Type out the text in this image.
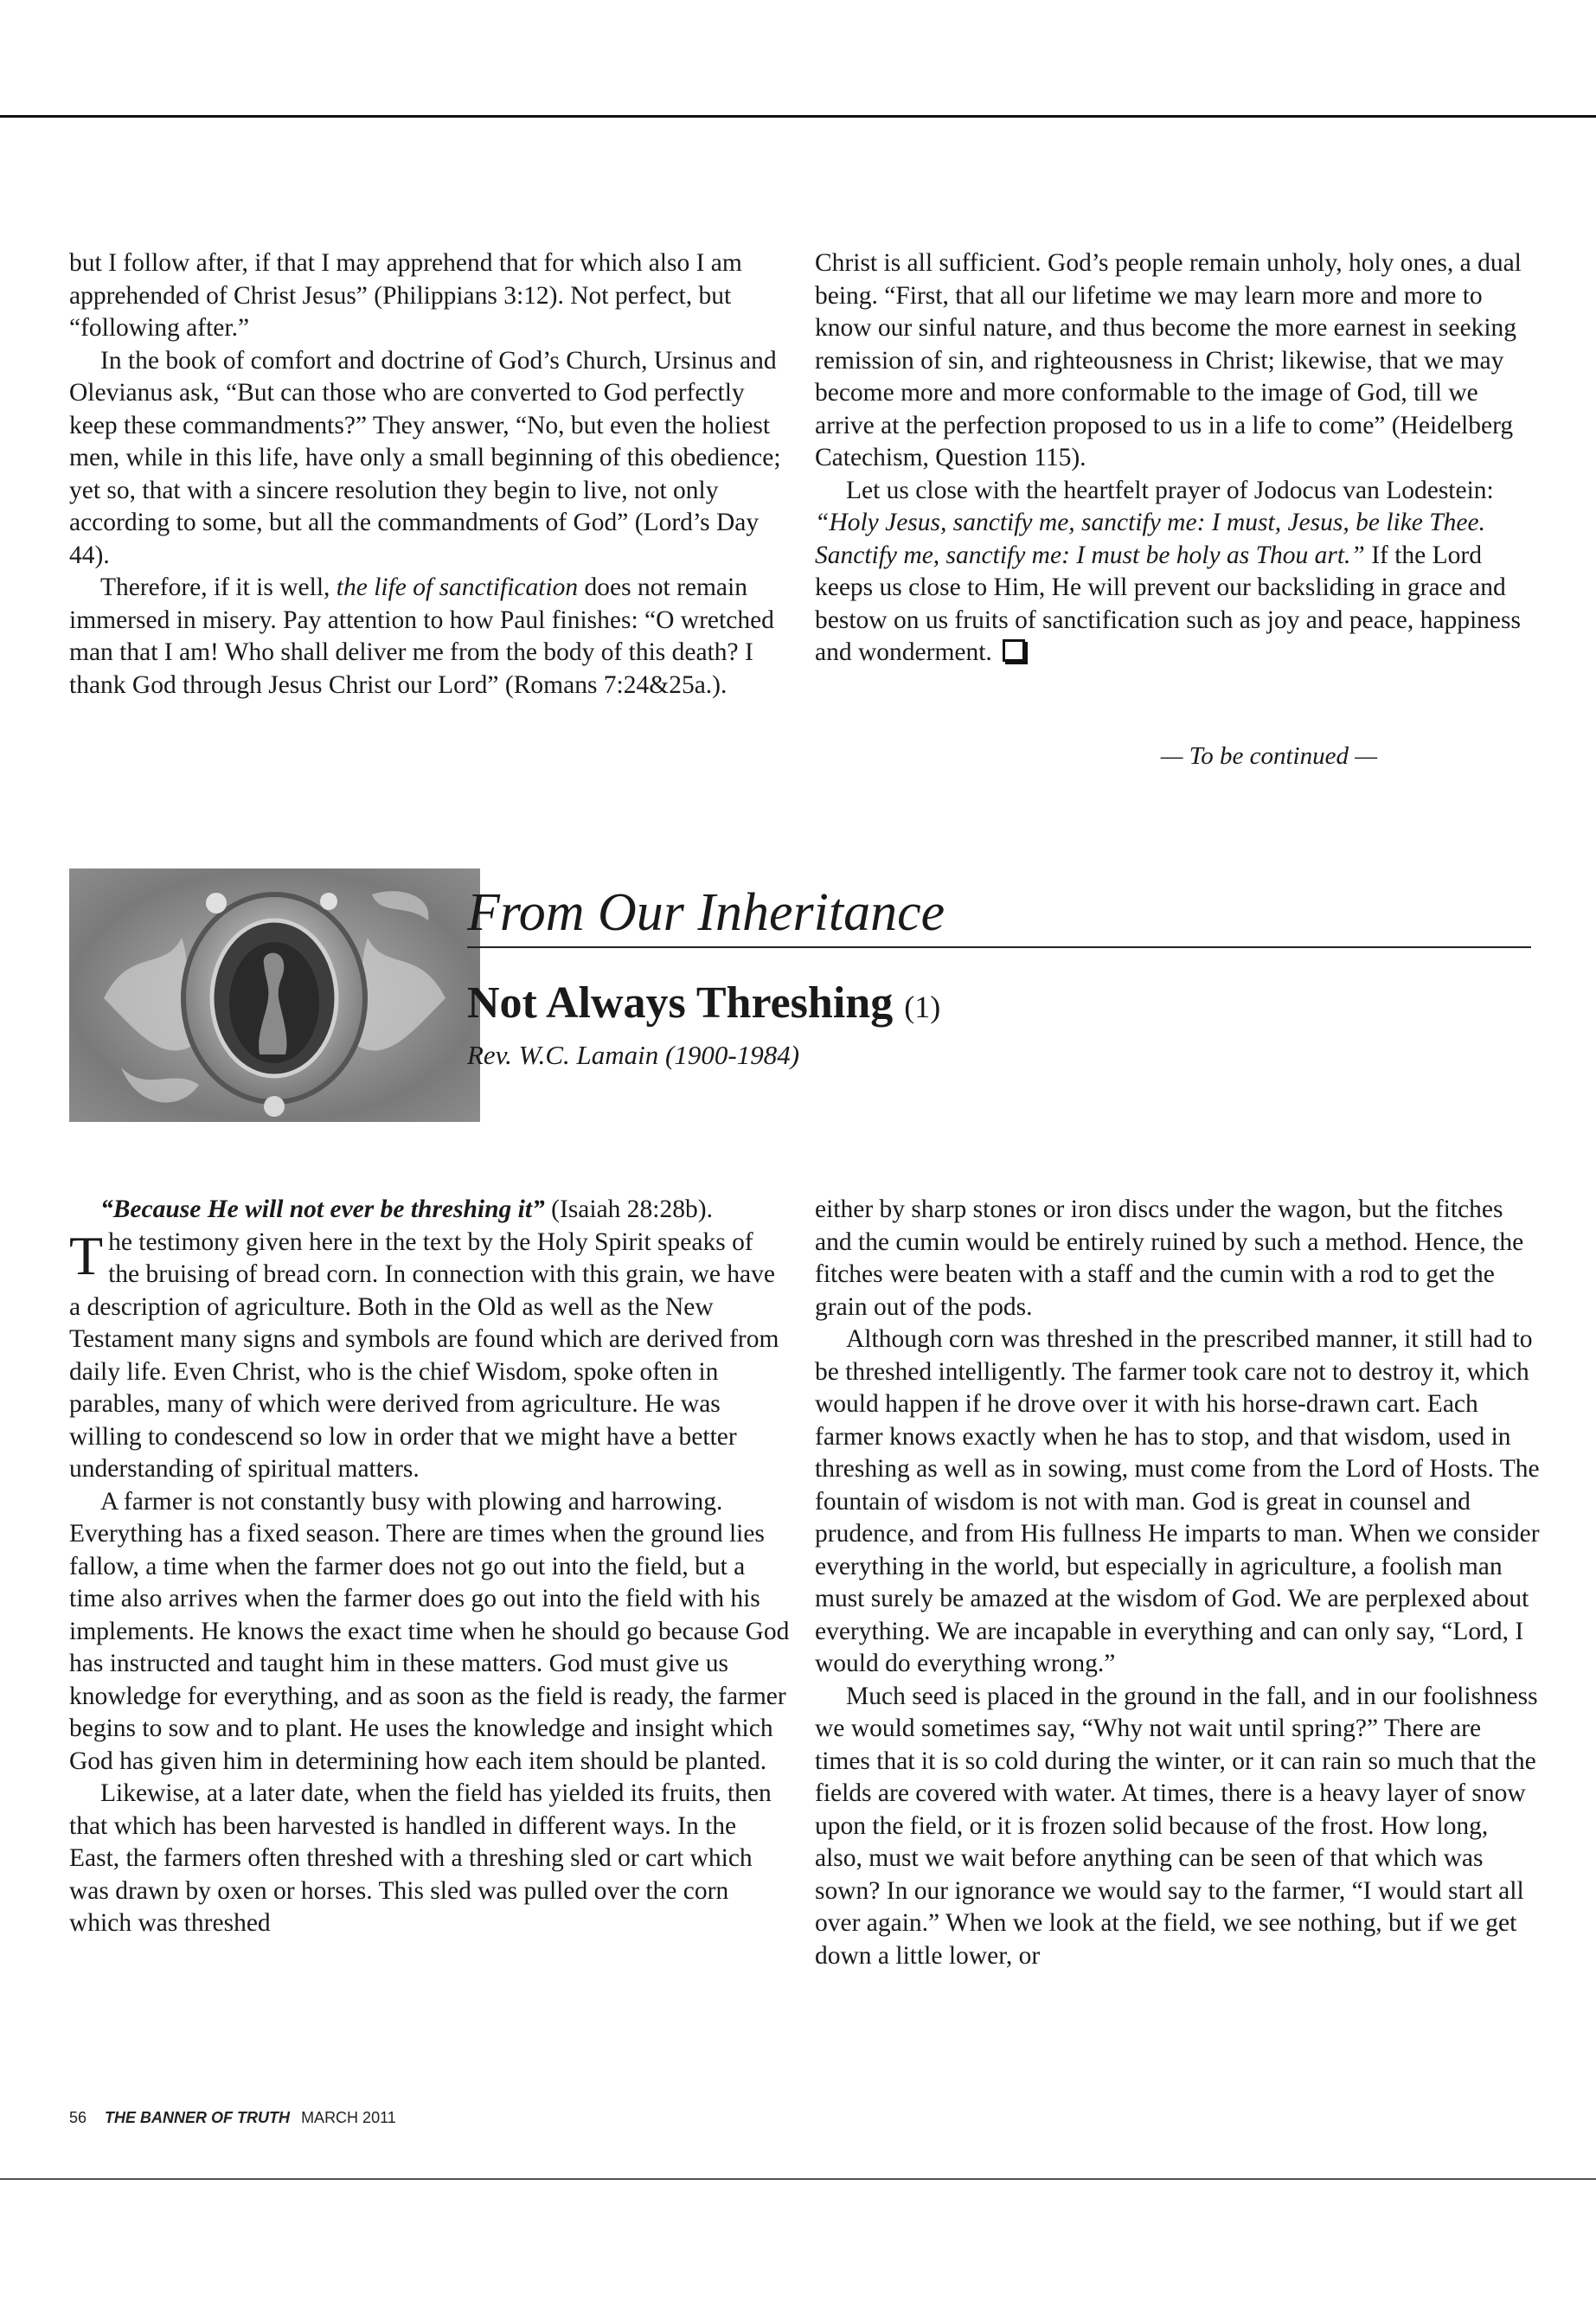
but I follow after, if that I may apprehend that for which also I am apprehended of Christ Jesus” (Philippians 3:12). Not perfect, but “following after.”

In the book of comfort and doctrine of God’s Church, Ursinus and Olevianus ask, “But can those who are converted to God perfectly keep these commandments?” They answer, “No, but even the holiest men, while in this life, have only a small beginning of this obedience; yet so, that with a sincere resolution they begin to live, not only according to some, but all the commandments of God” (Lord’s Day 44).

Therefore, if it is well, the life of sanctification does not remain immersed in misery. Pay attention to how Paul finishes: “O wretched man that I am! Who shall deliver me from the body of this death? I thank God through Jesus Christ our Lord” (Romans 7:24&25a.).

Christ is all sufficient. God’s people remain unholy, holy ones, a dual being. “First, that all our lifetime we may learn more and more to know our sinful nature, and thus become the more earnest in seeking remission of sin, and righteousness in Christ; likewise, that we may become more and more conformable to the image of God, till we arrive at the perfection proposed to us in a life to come” (Heidelberg Catechism, Question 115).

Let us close with the heartfelt prayer of Jodocus van Lodestein: “Holy Jesus, sanctify me, sanctify me: I must, Jesus, be like Thee. Sanctify me, sanctify me: I must be holy as Thou art.” If the Lord keeps us close to Him, He will prevent our backsliding in grace and bestow on us fruits of sanctification such as joy and peace, happiness and wonderment.

— To be continued —
From Our Inheritance
Not Always Threshing (1)
Rev. W.C. Lamain (1900-1984)

“Because He will not ever be threshing it” (Isaiah 28:28b).

The testimony given here in the text by the Holy Spirit speaks of the bruising of bread corn. In connection with this grain, we have a description of agriculture. Both in the Old as well as the New Testament many signs and symbols are found which are derived from daily life. Even Christ, who is the chief Wisdom, spoke often in parables, many of which were derived from agriculture. He was willing to condescend so low in order that we might have a better understanding of spiritual matters.

A farmer is not constantly busy with plowing and harrowing. Everything has a fixed season. There are times when the ground lies fallow, a time when the farmer does not go out into the field, but a time also arrives when the farmer does go out into the field with his implements. He knows the exact time when he should go because God has instructed and taught him in these matters. God must give us knowledge for everything, and as soon as the field is ready, the farmer begins to sow and to plant. He uses the knowledge and insight which God has given him in determining how each item should be planted.

Likewise, at a later date, when the field has yielded its fruits, then that which has been harvested is handled in different ways. In the East, the farmers often threshed with a threshing sled or cart which was drawn by oxen or horses. This sled was pulled over the corn which was threshed

either by sharp stones or iron discs under the wagon, but the fitches and the cumin would be entirely ruined by such a method. Hence, the fitches were beaten with a staff and the cumin with a rod to get the grain out of the pods.

Although corn was threshed in the prescribed manner, it still had to be threshed intelligently. The farmer took care not to destroy it, which would happen if he drove over it with his horse-drawn cart. Each farmer knows exactly when he has to stop, and that wisdom, used in threshing as well as in sowing, must come from the Lord of Hosts. The fountain of wisdom is not with man. God is great in counsel and prudence, and from His fullness He imparts to man. When we consider everything in the world, but especially in agriculture, a foolish man must surely be amazed at the wisdom of God. We are perplexed about everything. We are incapable in everything and can only say, “Lord, I would do everything wrong.”

Much seed is placed in the ground in the fall, and in our foolishness we would sometimes say, “Why not wait until spring?” There are times that it is so cold during the winter, or it can rain so much that the fields are covered with water. At times, there is a heavy layer of snow upon the field, or it is frozen solid because of the frost. How long, also, must we wait before anything can be seen of that which was sown? In our ignorance we would say to the farmer, “I would start all over again.” When we look at the field, we see nothing, but if we get down a little lower, or

56 THE BANNER OF TRUTH MARCH 2011
